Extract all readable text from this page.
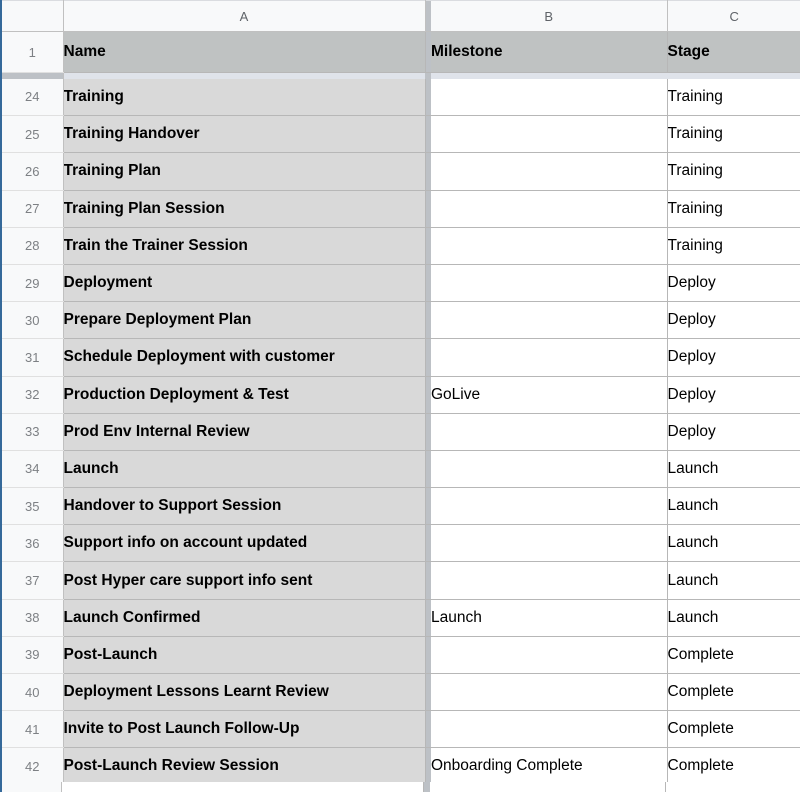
	A		B	C
1	Name		Milestone	Stage

24	Training			Training
25	Training Handover			Training
26	Training Plan			Training
27	Training Plan Session			Training
28	Train the Trainer Session			Training
29	Deployment			Deploy
30	Prepare Deployment Plan			Deploy
31	Schedule Deployment with customer			Deploy
32	Production Deployment & Test		GoLive	Deploy
33	Prod Env Internal Review			Deploy
34	Launch			Launch
35	Handover to Support Session			Launch
36	Support info on account updated			Launch
37	Post Hyper care support info sent			Launch
38	Launch Confirmed		Launch	Launch
39	Post-Launch			Complete
40	Deployment Lessons Learnt Review			Complete
41	Invite to Post Launch Follow-Up			Complete
42	Post-Launch Review Session		Onboarding Complete	Complete
